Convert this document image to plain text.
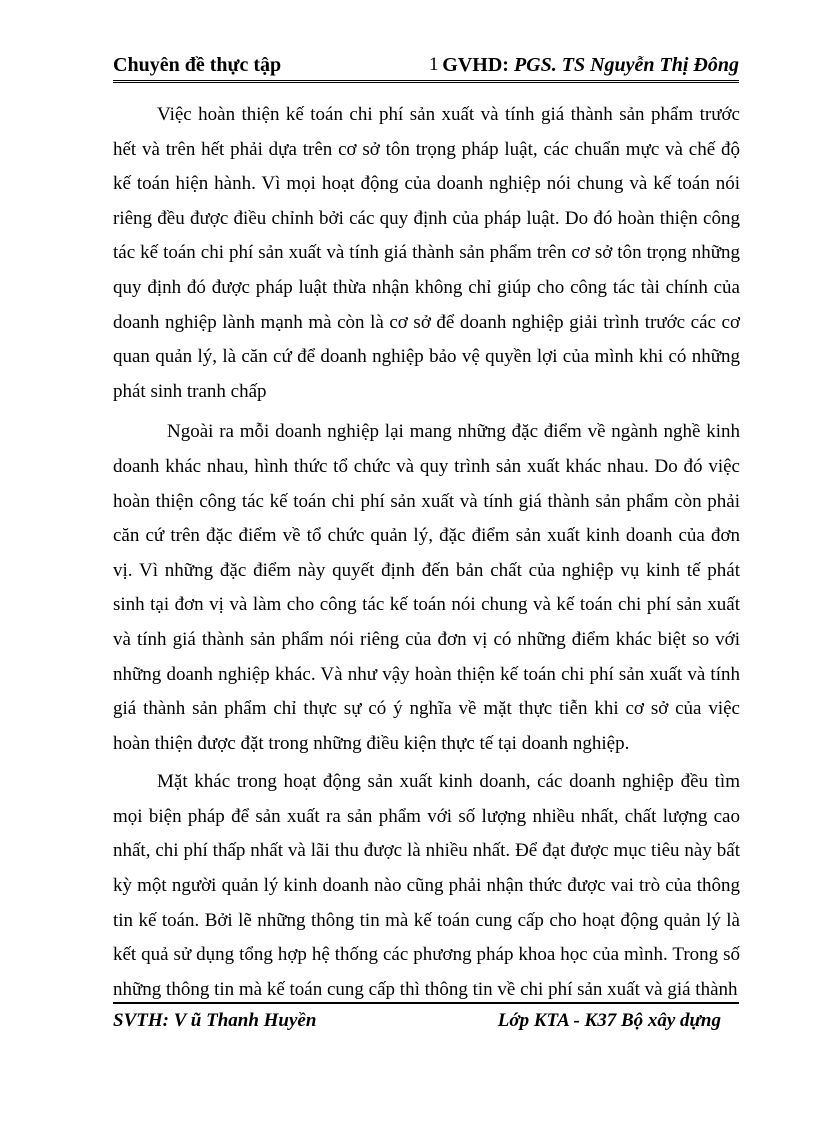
Chuyên đề thực tập	1 GVHD: PGS. TS Nguyễn Thị Đông

Việc hoàn thiện kế toán chi phí sản xuất và tính giá thành sản phẩm trước hết và trên hết phải dựa trên cơ sở tôn trọng pháp luật, các chuẩn mực và chế độ kế toán hiện hành. Vì mọi hoạt động của doanh nghiệp nói chung và kế toán nói riêng đều được điều chỉnh bởi các quy định của pháp luật. Do đó hoàn thiện công tác kế toán chi phí sản xuất và tính giá thành sản phẩm trên cơ sở tôn trọng những quy định đó được pháp luật thừa nhận không chỉ giúp cho công tác tài chính của doanh nghiệp lành mạnh mà còn là cơ sở để doanh nghiệp giải trình trước các cơ quan quản lý, là căn cứ để doanh nghiệp bảo vệ quyền lợi của mình khi có những phát sinh tranh chấp

Ngoài ra mỗi doanh nghiệp lại mang những đặc điểm về ngành nghề kinh doanh khác nhau, hình thức tổ chức và quy trình sản xuất khác nhau. Do đó việc hoàn thiện công tác kế toán chi phí sản xuất và tính giá thành sản phẩm còn phải căn cứ trên đặc điểm về tổ chức quản lý, đặc điểm sản xuất kinh doanh của đơn vị. Vì những đặc điểm này quyết định đến bản chất của nghiệp vụ kinh tế phát sinh tại đơn vị và làm cho công tác kế toán nói chung và kế toán chi phí sản xuất và tính giá thành sản phẩm nói riêng của đơn vị có những điểm khác biệt so với những doanh nghiệp khác. Và như vậy hoàn thiện kế toán chi phí sản xuất và tính giá thành sản phẩm chỉ thực sự có ý nghĩa về mặt thực tiễn khi cơ sở của việc hoàn thiện được đặt trong những điều kiện thực tế tại doanh nghiệp.

Mặt khác trong hoạt động sản xuất kinh doanh, các doanh nghiệp đều tìm mọi biện pháp để sản xuất ra sản phẩm với số lượng nhiều nhất, chất lượng cao nhất, chi phí thấp nhất và lãi thu được là nhiều nhất. Để đạt được mục tiêu này bất kỳ một người quản lý kinh doanh nào cũng phải nhận thức được vai trò của thông tin kế toán. Bởi lẽ những thông tin mà kế toán cung cấp cho hoạt động quản lý là kết quả sử dụng tổng hợp hệ thống các phương pháp khoa học của mình. Trong số những thông tin mà kế toán cung cấp thì thông tin về chi phí sản xuất và giá thành

SVTH: V ũ Thanh Huyền	Lớp KTA - K37 Bộ xây dựng
